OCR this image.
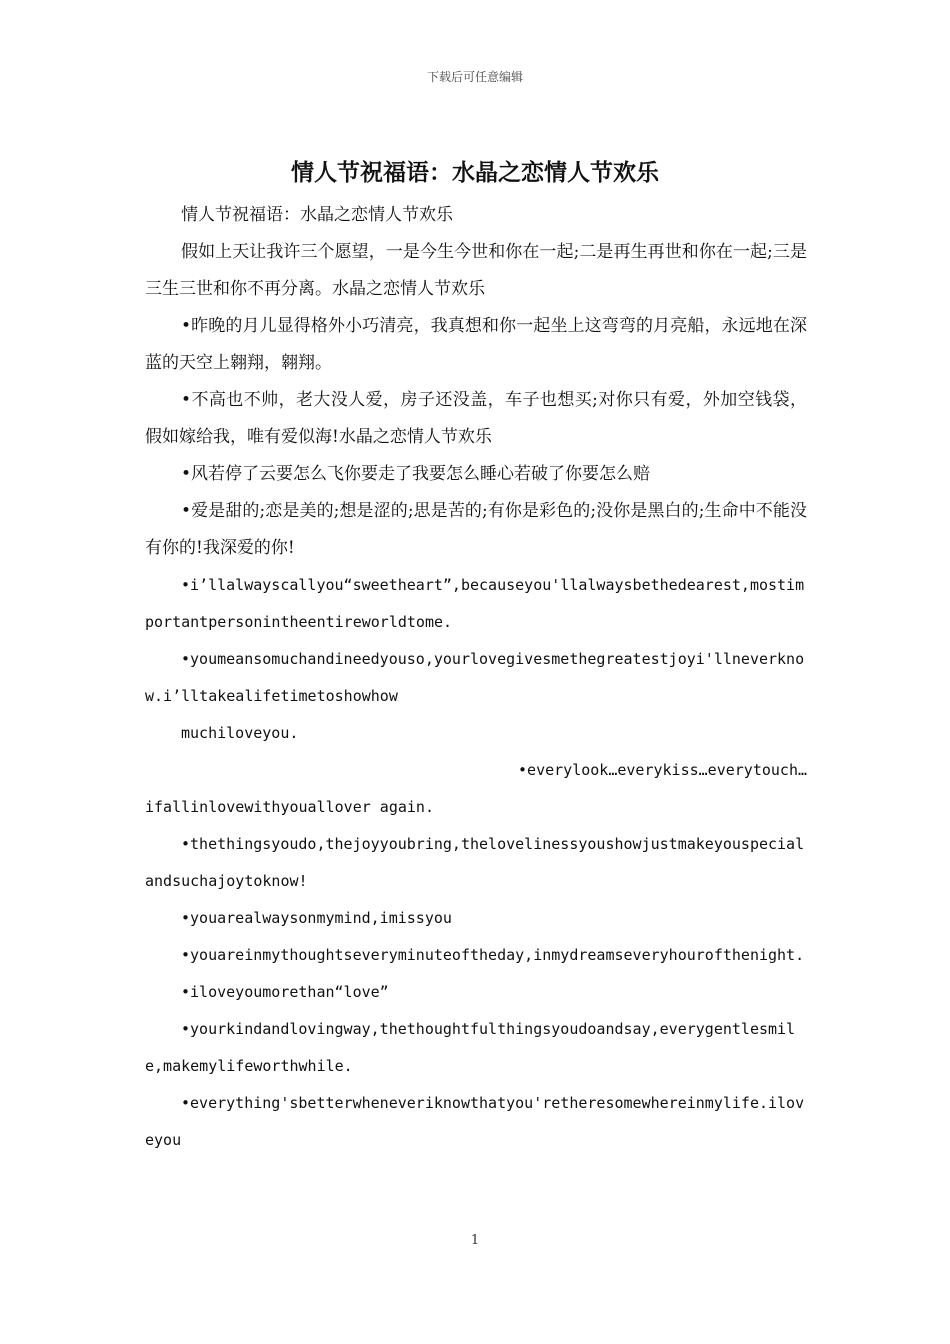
下载后可任意编辑
情人节祝福语：水晶之恋情人节欢乐

情人节祝福语：水晶之恋情人节欢乐

假如上天让我许三个愿望，一是今生今世和你在一起;二是再生再世和你在一起;三是三生三世和你不再分离。水晶之恋情人节欢乐

•昨晚的月儿显得格外小巧清亮，我真想和你一起坐上这弯弯的月亮船，永远地在深蓝的天空上翱翔，翱翔。

•不高也不帅，老大没人爱，房子还没盖，车子也想买;对你只有爱，外加空钱袋，假如嫁给我，唯有爱似海!水晶之恋情人节欢乐

•风若停了云要怎么飞你要走了我要怎么睡心若破了你要怎么赔

•爱是甜的;恋是美的;想是涩的;思是苦的;有你是彩色的;没你是黑白的;生命中不能没有你的!我深爱的你!

•i’llalwayscallyou“sweetheart”,becauseyou'llalwaysbethedearest,mostimportantpersonintheentireworldtome.

•youmeansomuchandineedyouso,yourlovegivesmethegreatestjoyi'llneverknow.i’lltakealifetimetoshowhow

muchiloveyou.

•everylook…everykiss…everytouch…

ifallinlovewithyouallover again.

•thethingsyoudo,thejoyyoubring,thelovelinessyoushowjustmakeyouspecialandsuchajoytoknow!

•youarealwaysonmymind,imissyou

•youareinmythoughtseveryminuteoftheday,inmydreamseveryhourofthenight.

•iloveyoumorethan“love”

•yourkindandlovingway,thethoughtfulthingsyoudoandsay,everygentlesmile,makemylifeworthwhile.

•everything'sbetterwheneveriknowthatyou'retheresomewhereinmylife.iloveyou

1
